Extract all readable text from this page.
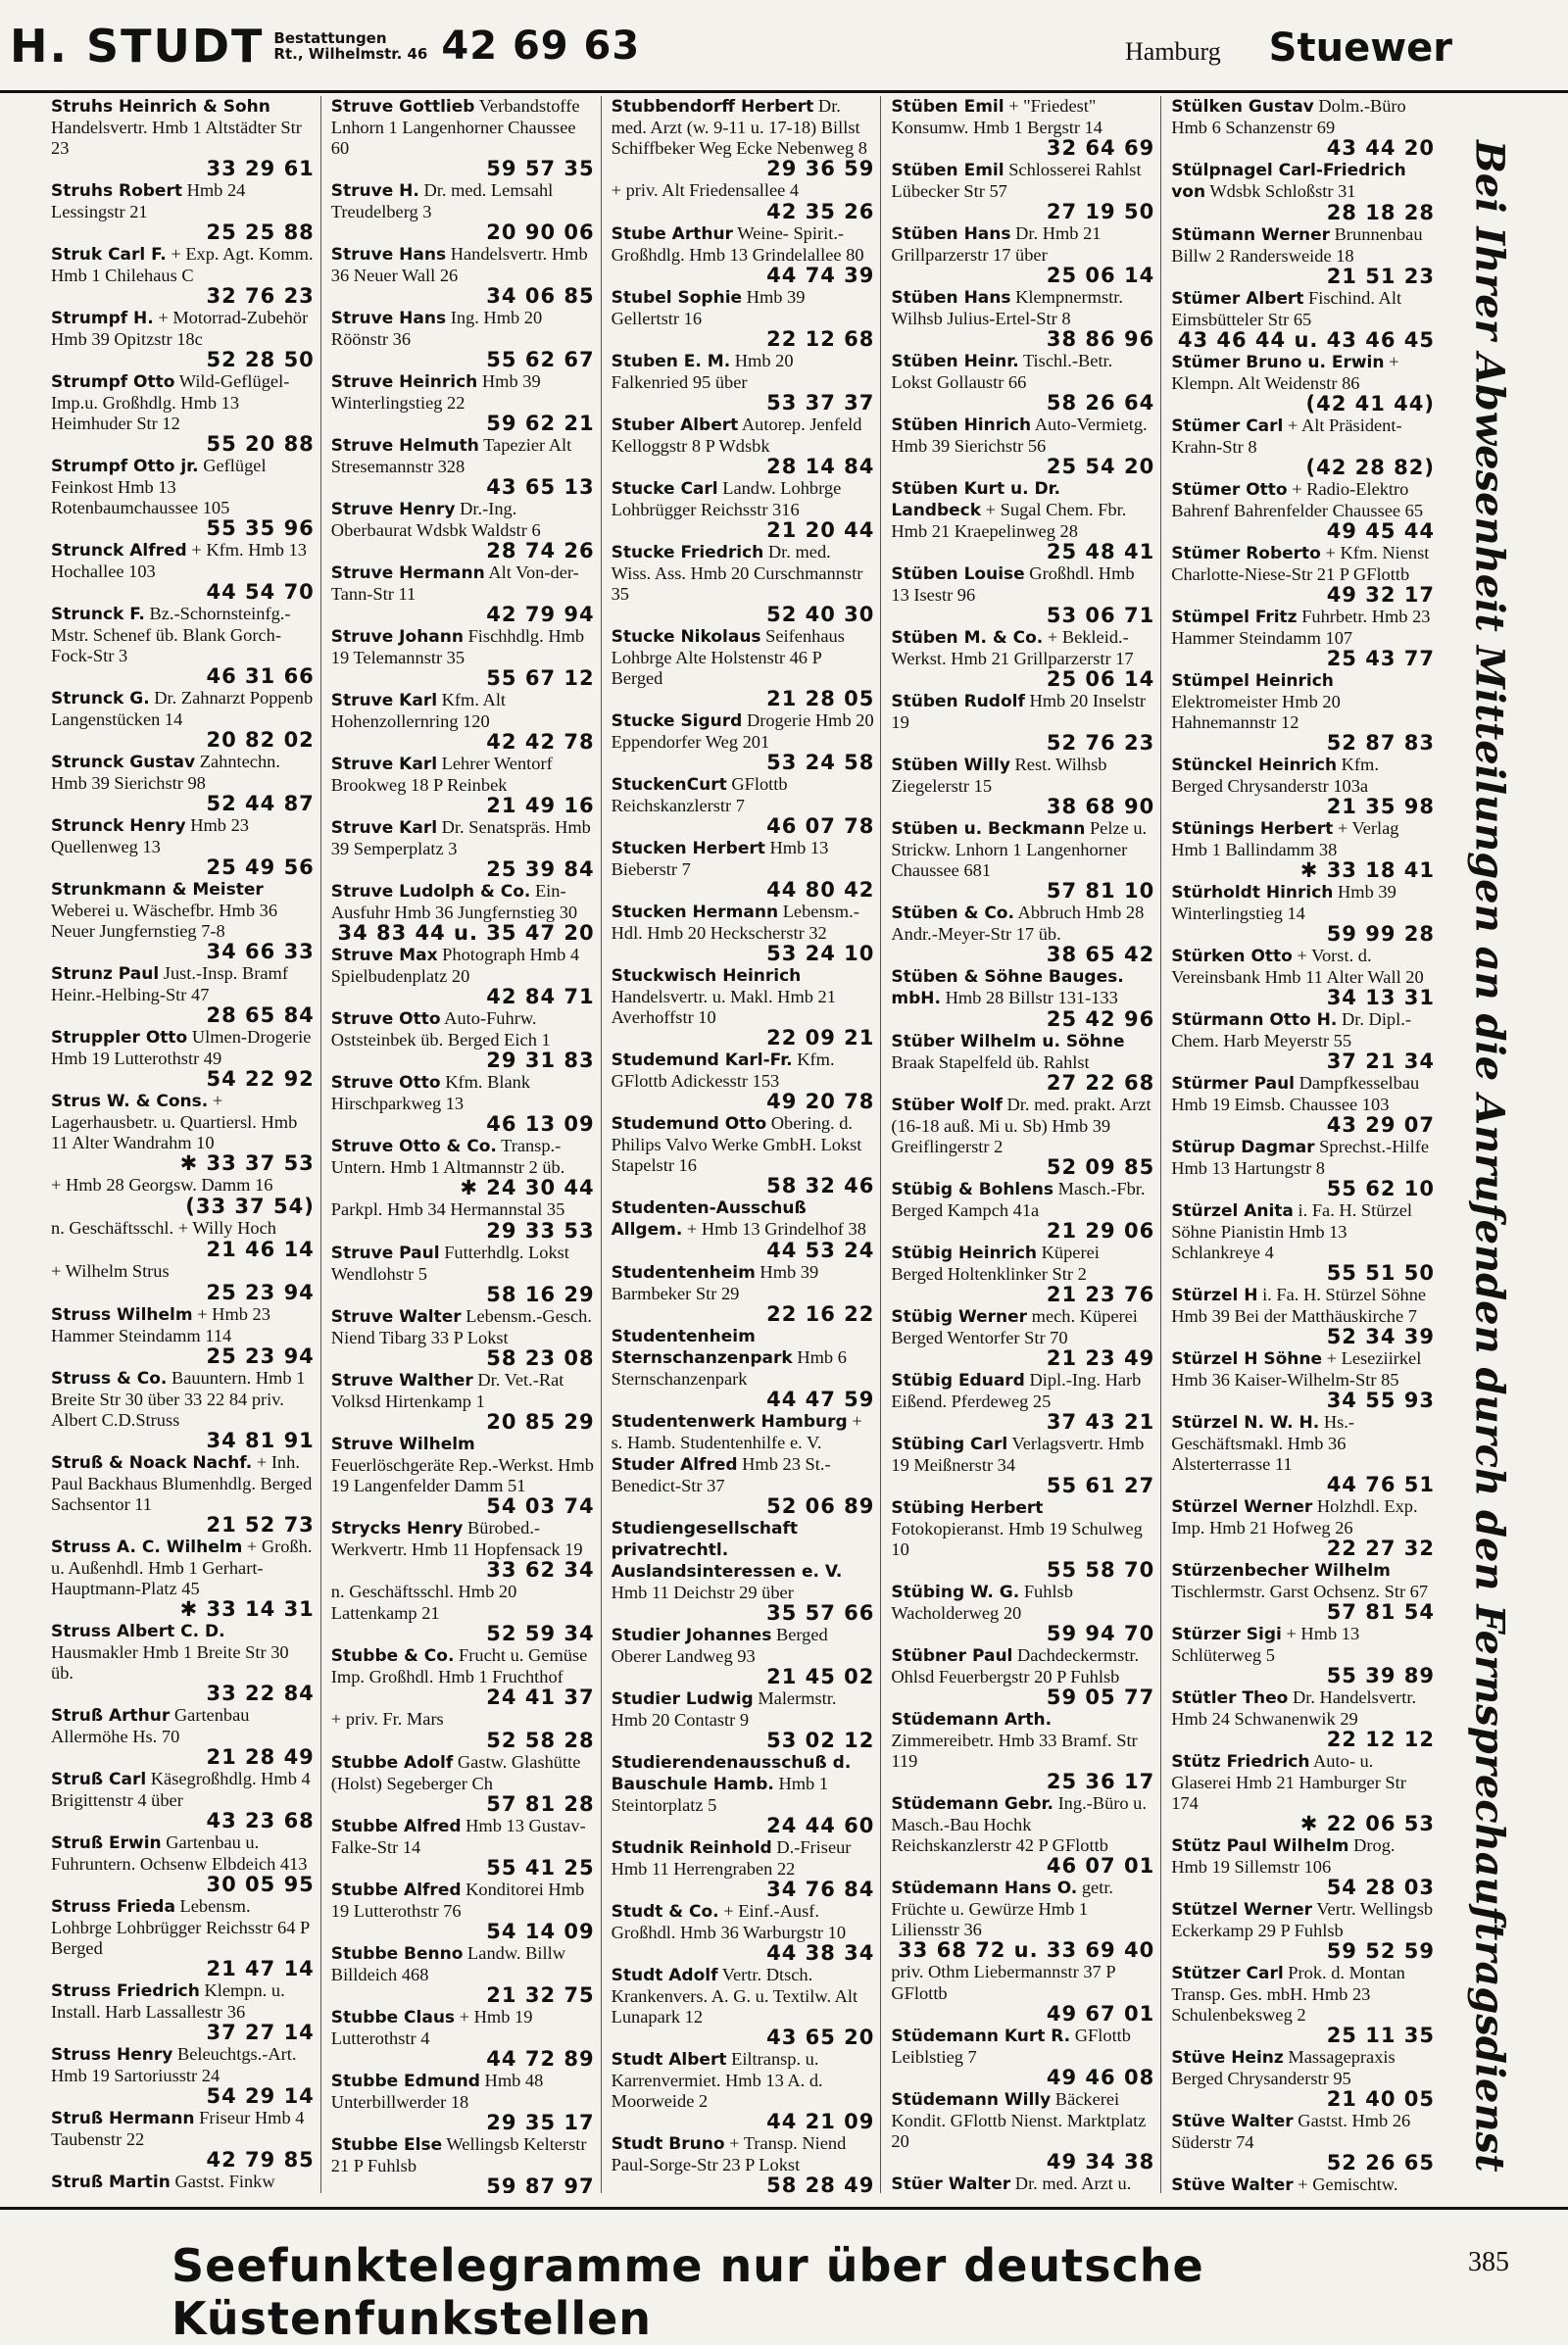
H. STUDT Bestattungen
Rt., Wilhelmstr. 46 42 69 63	Hamburg Stuewer
Struhs Heinrich & Sohn Handelsvertr. Hmb 1 Altstädter Str 23
33 29 61
Struhs Robert Hmb 24 Lessingstr 21
25 25 88
Struk Carl F. + Exp. Agt. Komm. Hmb 1 Chilehaus C
32 76 23
Strumpf H. + Motorrad-Zubehör Hmb 39 Opitzstr 18c
52 28 50
Strumpf Otto Wild-Geflügel-Imp.u. Großhdlg. Hmb 13 Heimhuder Str 12
55 20 88
Strumpf Otto jr. Geflügel Feinkost Hmb 13 Rotenbaumchaussee 105
55 35 96
Strunck Alfred + Kfm. Hmb 13 Hochallee 103
44 54 70
Strunck F. Bz.-Schornsteinfg.-Mstr. Schenef üb. Blank Gorch-Fock-Str 3
46 31 66
Strunck G. Dr. Zahnarzt Poppenb Langenstücken 14
20 82 02
Strunck Gustav Zahntechn. Hmb 39 Sierichstr 98
52 44 87
Strunck Henry Hmb 23 Quellenweg 13
25 49 56
Strunkmann & Meister Weberei u. Wäschefbr. Hmb 36 Neuer Jungfernstieg 7-8
34 66 33
Strunz Paul Just.-Insp. Bramf Heinr.-Helbing-Str 47
28 65 84
Struppler Otto Ulmen-Drogerie Hmb 19 Lutterothstr 49
54 22 92
Strus W. & Cons. + Lagerhausbetr. u. Quartiersl. Hmb 11 Alter Wandrahm 10
✱ 33 37 53
+ Hmb 28 Georgsw. Damm 16
(33 37 54)
n. Geschäftsschl. + Willy Hoch
21 46 14
+ Wilhelm Strus
25 23 94
Struss Wilhelm + Hmb 23 Hammer Steindamm 114
25 23 94
Struss & Co. Bauuntern. Hmb 1 Breite Str 30 über 33 22 84 priv. Albert C.D.Struss
34 81 91
Struß & Noack Nachf. + Inh. Paul Backhaus Blumenhdlg. Berged Sachsentor 11
21 52 73
Struss A. C. Wilhelm + Großh. u. Außenhdl. Hmb 1 Gerhart-Hauptmann-Platz 45
✱ 33 14 31
Struss Albert C. D. Hausmakler Hmb 1 Breite Str 30 üb.
33 22 84
Struß Arthur Gartenbau Allermöhe Hs. 70
21 28 49
Struß Carl Käsegroßhdlg. Hmb 4 Brigittenstr 4 über
43 23 68
Struß Erwin Gartenbau u. Fuhruntern. Ochsenw Elbdeich 413
30 05 95
Struss Frieda Lebensm. Lohbrge Lohbrügger Reichsstr 64 P Berged
21 47 14
Struss Friedrich Klempn. u. Install. Harb Lassallestr 36
37 27 14
Struss Henry Beleuchtgs.-Art. Hmb 19 Sartoriusstr 24
54 29 14
Struß Hermann Friseur Hmb 4 Taubenstr 22
42 79 85
Struß Martin Gastst. Finkw
Struve Gottlieb Verbandstoffe Lnhorn 1 Langenhorner Chaussee 60
59 57 35
Struve H. Dr. med. Lemsahl Treudelberg 3
20 90 06
Struve Hans Handelsvertr. Hmb 36 Neuer Wall 26
34 06 85
Struve Hans Ing. Hmb 20 Röönstr 36
55 62 67
Struve Heinrich Hmb 39 Winterlingstieg 22
59 62 21
Struve Helmuth Tapezier Alt Stresemannstr 328
43 65 13
Struve Henry Dr.-Ing. Oberbaurat Wdsbk Waldstr 6
28 74 26
Struve Hermann Alt Von-der-Tann-Str 11
42 79 94
Struve Johann Fischhdlg. Hmb 19 Telemannstr 35
55 67 12
Struve Karl Kfm. Alt Hohenzollernring 120
42 42 78
Struve Karl Lehrer Wentorf Brookweg 18 P Reinbek
21 49 16
Struve Karl Dr. Senatspräs. Hmb 39 Semperplatz 3
25 39 84
Struve Ludolph & Co. Ein-Ausfuhr Hmb 36 Jungfernstieg 30
34 83 44 u. 35 47 20
Struve Max Photograph Hmb 4 Spielbudenplatz 20
42 84 71
Struve Otto Auto-Fuhrw. Oststeinbek üb. Berged Eich 1
29 31 83
Struve Otto Kfm. Blank Hirschparkweg 13
46 13 09
Struve Otto & Co. Transp.-Untern. Hmb 1 Altmannstr 2 üb.
✱ 24 30 44
Parkpl. Hmb 34 Hermannstal 35
29 33 53
Struve Paul Futterhdlg. Lokst Wendlohstr 5
58 16 29
Struve Walter Lebensm.-Gesch. Niend Tibarg 33 P Lokst
58 23 08
Struve Walther Dr. Vet.-Rat Volksd Hirtenkamp 1
20 85 29
Struve Wilhelm Feuerlöschgeräte Rep.-Werkst. Hmb 19 Langenfelder Damm 51
54 03 74
Strycks Henry Bürobed.-Werkvertr. Hmb 11 Hopfensack 19
33 62 34
n. Geschäftsschl. Hmb 20 Lattenkamp 21
52 59 34
Stubbe & Co. Frucht u. Gemüse Imp. Großhdl. Hmb 1 Fruchthof
24 41 37
+ priv. Fr. Mars
52 58 28
Stubbe Adolf Gastw. Glashütte (Holst) Segeberger Ch
57 81 28
Stubbe Alfred Hmb 13 Gustav-Falke-Str 14
55 41 25
Stubbe Alfred Konditorei Hmb 19 Lutterothstr 76
54 14 09
Stubbe Benno Landw. Billw Billdeich 468
21 32 75
Stubbe Claus + Hmb 19 Lutterothstr 4
44 72 89
Stubbe Edmund Hmb 48 Unterbillwerder 18
29 35 17
Stubbe Else Wellingsb Kelterstr 21 P Fuhlsb
59 87 97
Stubbendorff Herbert Dr. med. Arzt (w. 9-11 u. 17-18) Billst Schiffbeker Weg Ecke Nebenweg 8
29 36 59
+ priv. Alt Friedensallee 4
42 35 26
Stube Arthur Weine- Spirit.-Großhdlg. Hmb 13 Grindelallee 80
44 74 39
Stubel Sophie Hmb 39 Gellertstr 16
22 12 68
Stuben E. M. Hmb 20 Falkenried 95 über
53 37 37
Stuber Albert Autorep. Jenfeld Kelloggstr 8 P Wdsbk
28 14 84
Stucke Carl Landw. Lohbrge Lohbrügger Reichsstr 316
21 20 44
Stucke Friedrich Dr. med. Wiss. Ass. Hmb 20 Curschmannstr 35
52 40 30
Stucke Nikolaus Seifenhaus Lohbrge Alte Holstenstr 46 P Berged
21 28 05
Stucke Sigurd Drogerie Hmb 20 Eppendorfer Weg 201
53 24 58
StuckenCurt GFlottb Reichskanzlerstr 7
46 07 78
Stucken Herbert Hmb 13 Bieberstr 7
44 80 42
Stucken Hermann Lebensm.-Hdl. Hmb 20 Heckscherstr 32
53 24 10
Stuckwisch Heinrich Handelsvertr. u. Makl. Hmb 21 Averhoffstr 10
22 09 21
Studemund Karl-Fr. Kfm. GFlottb Adickesstr 153
49 20 78
Studemund Otto Obering. d. Philips Valvo Werke GmbH. Lokst Stapelstr 16
58 32 46
Studenten-Ausschuß Allgem. + Hmb 13 Grindelhof 38
44 53 24
Studentenheim Hmb 39 Barmbeker Str 29
22 16 22
Studentenheim Sternschanzenpark Hmb 6 Sternschanzenpark
44 47 59
Studentenwerk Hamburg + s. Hamb. Studentenhilfe e. V.
Studer Alfred Hmb 23 St.-Benedict-Str 37
52 06 89
Studiengesellschaft privatrechtl. Auslandsinteressen e. V. Hmb 11 Deichstr 29 über
35 57 66
Studier Johannes Berged Oberer Landweg 93
21 45 02
Studier Ludwig Malermstr. Hmb 20 Contastr 9
53 02 12
Studierendenausschuß d. Bauschule Hamb. Hmb 1 Steintorplatz 5
24 44 60
Studnik Reinhold D.-Friseur Hmb 11 Herrengraben 22
34 76 84
Studt & Co. + Einf.-Ausf. Großhdl. Hmb 36 Warburgstr 10
44 38 34
Studt Adolf Vertr. Dtsch. Krankenvers. A. G. u. Textilw. Alt Lunapark 12
43 65 20
Studt Albert Eiltransp. u. Karrenvermiet. Hmb 13 A. d. Moorweide 2
44 21 09
Studt Bruno + Transp. Niend Paul-Sorge-Str 23 P Lokst
58 28 49
Stüben Emil + "Friedest" Konsumw. Hmb 1 Bergstr 14
32 64 69
Stüben Emil Schlosserei Rahlst Lübecker Str 57
27 19 50
Stüben Hans Dr. Hmb 21 Grillparzerstr 17 über
25 06 14
Stüben Hans Klempnermstr. Wilhsb Julius-Ertel-Str 8
38 86 96
Stüben Heinr. Tischl.-Betr. Lokst Gollaustr 66
58 26 64
Stüben Hinrich Auto-Vermietg. Hmb 39 Sierichstr 56
25 54 20
Stüben Kurt u. Dr. Landbeck + Sugal Chem. Fbr. Hmb 21 Kraepelinweg 28
25 48 41
Stüben Louise Großhdl. Hmb 13 Isestr 96
53 06 71
Stüben M. & Co. + Bekleid.-Werkst. Hmb 21 Grillparzerstr 17
25 06 14
Stüben Rudolf Hmb 20 Inselstr 19
52 76 23
Stüben Willy Rest. Wilhsb Ziegelerstr 15
38 68 90
Stüben u. Beckmann Pelze u. Strickw. Lnhorn 1 Langenhorner Chaussee 681
57 81 10
Stüben & Co. Abbruch Hmb 28 Andr.-Meyer-Str 17 üb.
38 65 42
Stüben & Söhne Bauges. mbH. Hmb 28 Billstr 131-133
25 42 96
Stüber Wilhelm u. Söhne Braak Stapelfeld üb. Rahlst
27 22 68
Stüber Wolf Dr. med. prakt. Arzt (16-18 auß. Mi u. Sb) Hmb 39 Greiflingerstr 2
52 09 85
Stübig & Bohlens Masch.-Fbr. Berged Kampch 41a
21 29 06
Stübig Heinrich Küperei Berged Holtenklinker Str 2
21 23 76
Stübig Werner mech. Küperei Berged Wentorfer Str 70
21 23 49
Stübig Eduard Dipl.-Ing. Harb Eißend. Pferdeweg 25
37 43 21
Stübing Carl Verlagsvertr. Hmb 19 Meißnerstr 34
55 61 27
Stübing Herbert Fotokopieranst. Hmb 19 Schulweg 10
55 58 70
Stübing W. G. Fuhlsb Wacholderweg 20
59 94 70
Stübner Paul Dachdeckermstr. Ohlsd Feuerbergstr 20 P Fuhlsb
59 05 77
Stüdemann Arth. Zimmereibetr. Hmb 33 Bramf. Str 119
25 36 17
Stüdemann Gebr. Ing.-Büro u. Masch.-Bau Hochk Reichskanzlerstr 42 P GFlottb
46 07 01
Stüdemann Hans O. getr. Früchte u. Gewürze Hmb 1 Liliensstr 36
33 68 72 u. 33 69 40
priv. Othm Liebermannstr 37 P GFlottb
49 67 01
Stüdemann Kurt R. GFlottb Leiblstieg 7
49 46 08
Stüdemann Willy Bäckerei Kondit. GFlottb Nienst. Marktplatz 20
49 34 38
Stüer Walter Dr. med. Arzt u.
Stülken Gustav Dolm.-Büro Hmb 6 Schanzenstr 69
43 44 20
Stülpnagel Carl-Friedrich von Wdsbk Schloßstr 31
28 18 28
Stümann Werner Brunnenbau Billw 2 Randersweide 18
21 51 23
Stümer Albert Fischind. Alt Eimsbütteler Str 65
43 46 44 u. 43 46 45
Stümer Bruno u. Erwin + Klempn. Alt Weidenstr 86
(42 41 44)
Stümer Carl + Alt Präsident-Krahn-Str 8
(42 28 82)
Stümer Otto + Radio-Elektro Bahrenf Bahrenfelder Chaussee 65
49 45 44
Stümer Roberto + Kfm. Nienst Charlotte-Niese-Str 21 P GFlottb
49 32 17
Stümpel Fritz Fuhrbetr. Hmb 23 Hammer Steindamm 107
25 43 77
Stümpel Heinrich Elektromeister Hmb 20 Hahnemannstr 12
52 87 83
Stünckel Heinrich Kfm. Berged Chrysanderstr 103a
21 35 98
Stünings Herbert + Verlag Hmb 1 Ballindamm 38
✱ 33 18 41
Stürholdt Hinrich Hmb 39 Winterlingstieg 14
59 99 28
Stürken Otto + Vorst. d. Vereinsbank Hmb 11 Alter Wall 20
34 13 31
Stürmann Otto H. Dr. Dipl.-Chem. Harb Meyerstr 55
37 21 34
Stürmer Paul Dampfkesselbau Hmb 19 Eimsb. Chaussee 103
43 29 07
Stürup Dagmar Sprechst.-Hilfe Hmb 13 Hartungstr 8
55 62 10
Stürzel Anita i. Fa. H. Stürzel Söhne Pianistin Hmb 13 Schlankreye 4
55 51 50
Stürzel H i. Fa. H. Stürzel Söhne Hmb 39 Bei der Matthäuskirche 7
52 34 39
Stürzel H Söhne + Leseziirkel Hmb 36 Kaiser-Wilhelm-Str 85
34 55 93
Stürzel N. W. H. Hs.-Geschäftsmakl. Hmb 36 Alsterterrasse 11
44 76 51
Stürzel Werner Holzhdl. Exp. Imp. Hmb 21 Hofweg 26
22 27 32
Stürzenbecher Wilhelm Tischlermstr. Garst Ochsenz. Str 67
57 81 54
Stürzer Sigi + Hmb 13 Schlüterweg 5
55 39 89
Stütler Theo Dr. Handelsvertr. Hmb 24 Schwanenwik 29
22 12 12
Stütz Friedrich Auto- u. Glaserei Hmb 21 Hamburger Str 174
✱ 22 06 53
Stütz Paul Wilhelm Drog. Hmb 19 Sillemstr 106
54 28 03
Stützel Werner Vertr. Wellingsb Eckerkamp 29 P Fuhlsb
59 52 59
Stützer Carl Prok. d. Montan Transp. Ges. mbH. Hmb 23 Schulenbeksweg 2
25 11 35
Stüve Heinz Massagepraxis Berged Chrysanderstr 95
21 40 05
Stüve Walter Gastst. Hmb 26 Süderstr 74
52 26 65
Stüve Walter + Gemischtw.
Bei Ihrer Abwesenheit Mitteilungen an die Anrufenden durch den Fernsprechauftragsdienst
Seefunktelegramme nur über deutsche Küstenfunkstellen
385
